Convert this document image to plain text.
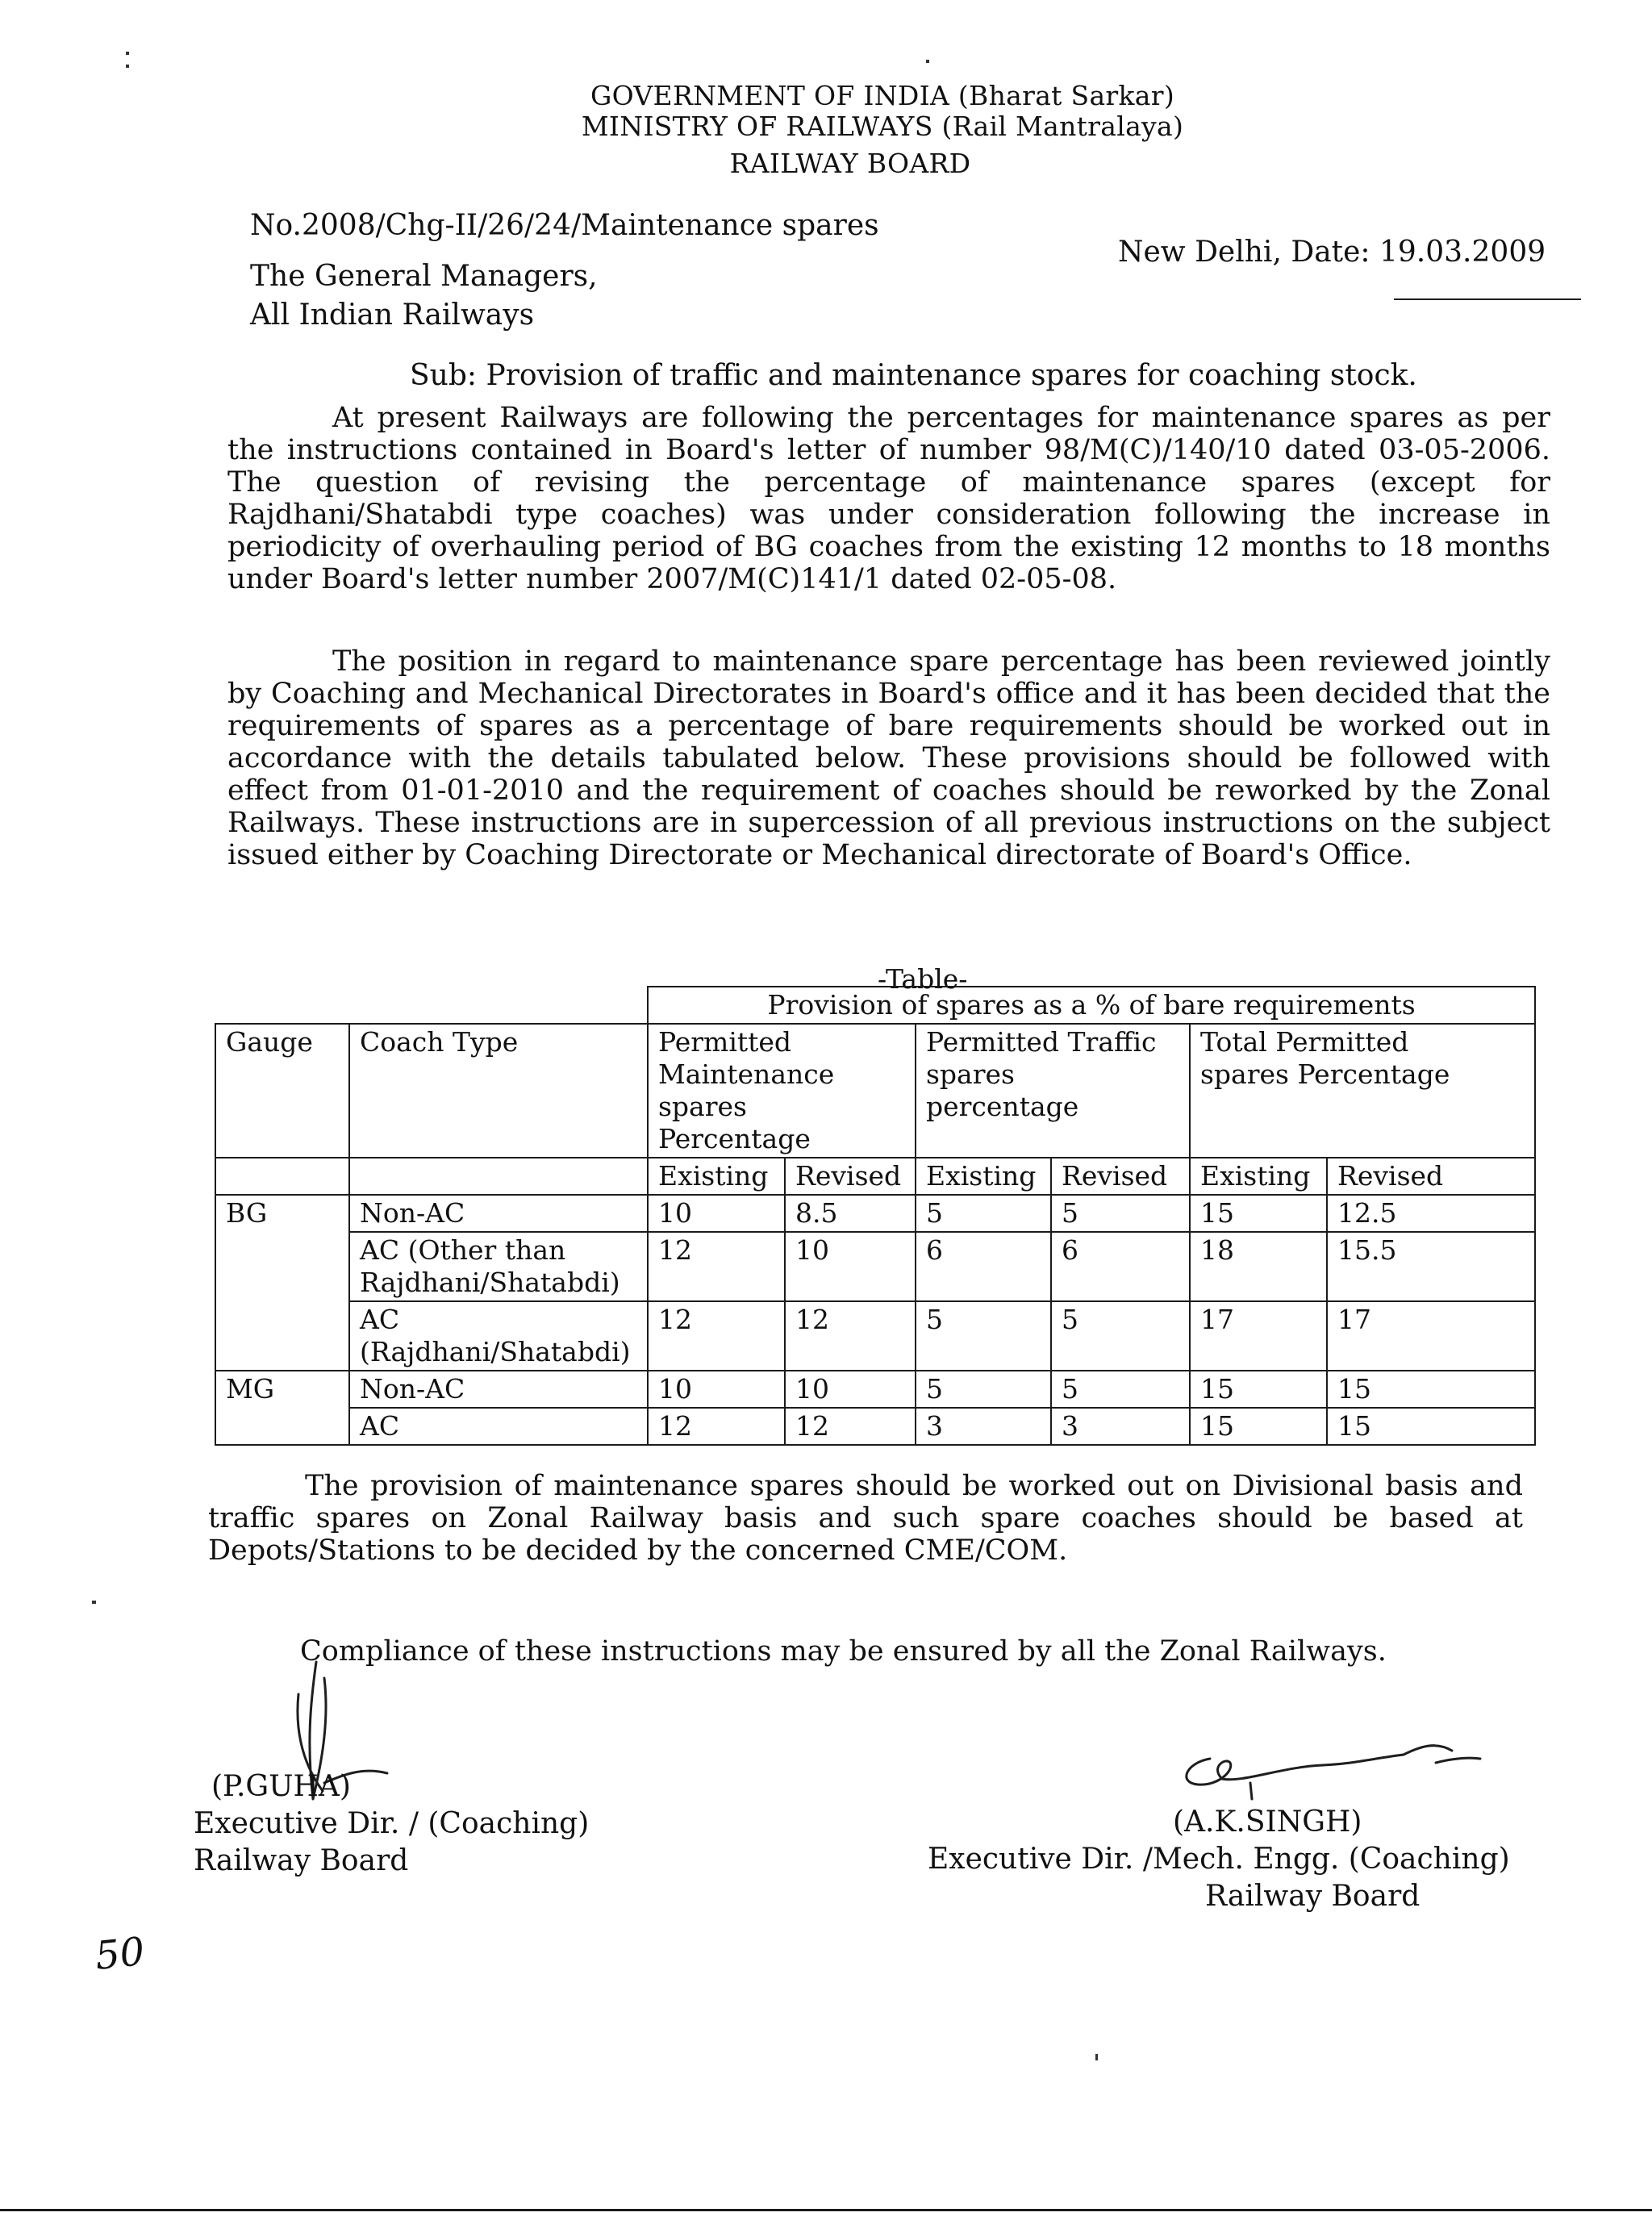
GOVERNMENT OF INDIA (Bharat Sarkar)
MINISTRY OF RAILWAYS (Rail Mantralaya)
RAILWAY BOARD
No.2008/Chg-II/26/24/Maintenance spares
New Delhi, Date: 19.03.2009
The General Managers,
All Indian Railways
Sub: Provision of traffic and maintenance spares for coaching stock.
At present Railways are following the percentages for maintenance spares as per the instructions contained in Board's letter of number 98/M(C)/140/10 dated 03-05-2006. The question of revising the percentage of maintenance spares (except for Rajdhani/Shatabdi type coaches) was under consideration following the increase in periodicity of overhauling period of BG coaches from the existing 12 months to 18 months under Board's letter number 2007/M(C)141/1 dated 02-05-08.
The position in regard to maintenance spare percentage has been reviewed jointly by Coaching and Mechanical Directorates in Board's office and it has been decided that the requirements of spares as a percentage of bare requirements should be worked out in accordance with the details tabulated below. These provisions should be followed with effect from 01-01-2010 and the requirement of coaches should be reworked by the Zonal Railways. These instructions are in supercession of all previous instructions on the subject issued either by Coaching Directorate or Mechanical directorate of Board's Office.
-Table-
		Provision of spares as a % of bare requirements					
Gauge	Coach Type	Permitted Maintenance spares Percentage		Permitted Traffic spares percentage		Total Permitted spares Percentage	
		Existing	Revised	Existing	Revised	Existing	Revised
BG	Non-AC	10	8.5	5	5	15	12.5
	AC (Other than Rajdhani/Shatabdi)	12	10	6	6	18	15.5
	AC (Rajdhani/Shatabdi)	12	12	5	5	17	17
MG	Non-AC	10	10	5	5	15	15
	AC	12	12	3	3	15	15
The provision of maintenance spares should be worked out on Divisional basis and traffic spares on Zonal Railway basis and such spare coaches should be based at Depots/Stations to be decided by the concerned CME/COM.
Compliance of these instructions may be ensured by all the Zonal Railways.
(P.GUHA)
Executive Dir. / (Coaching)
Railway Board
(A.K.SINGH)
Executive Dir. /Mech. Engg. (Coaching)
Railway Board
50
